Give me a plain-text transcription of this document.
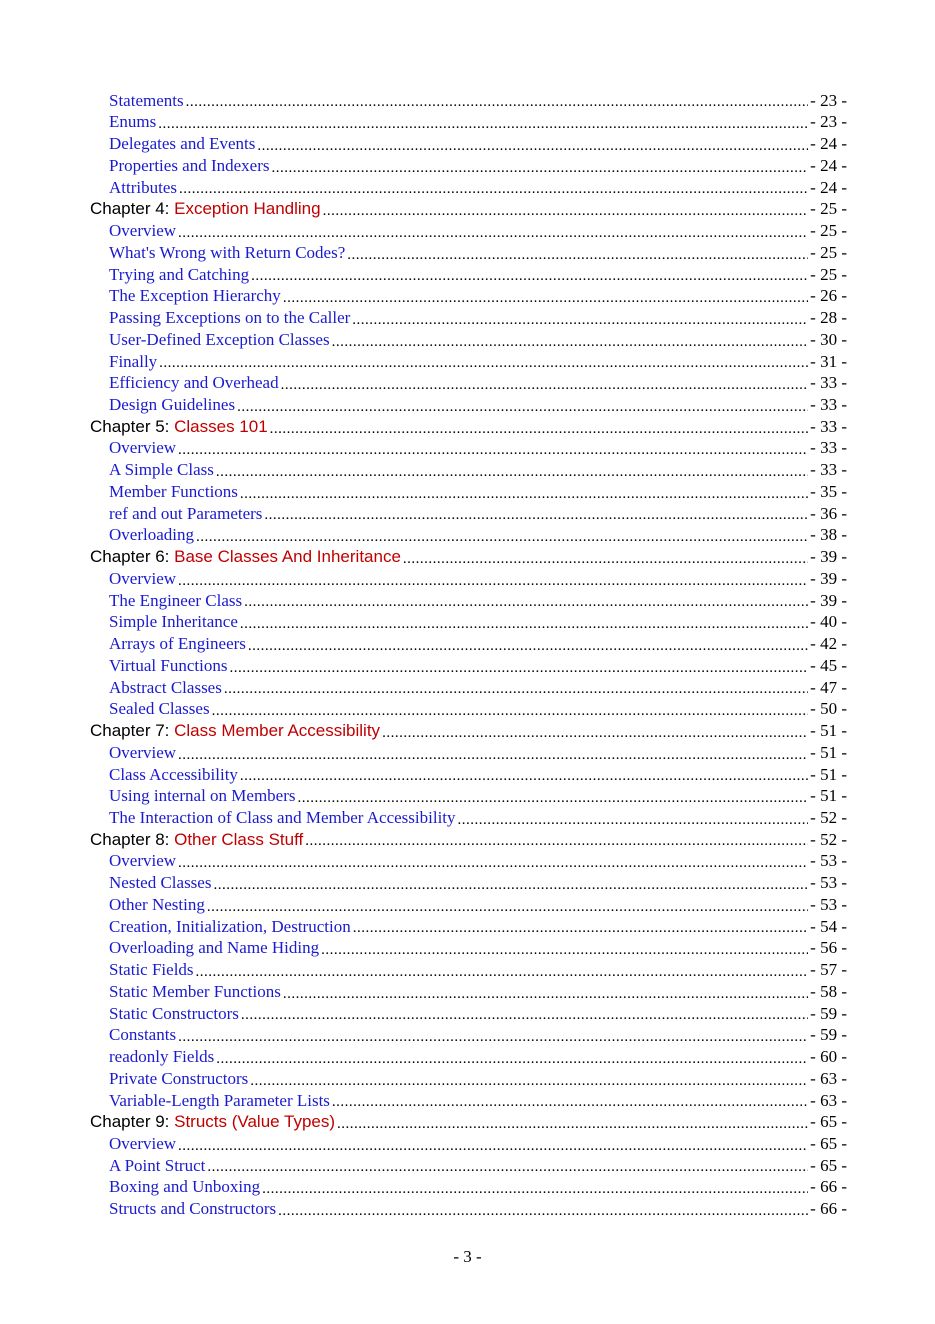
Statements .....	- 23 -
Enums .....	- 23 -
Delegates and Events .....	- 24 -
Properties and Indexers .....	- 24 -
Attributes .....	- 24 -
Chapter 4: Exception Handling .....	- 25 -
Overview .....	- 25 -
What's Wrong with Return Codes? .....	- 25 -
Trying and Catching .....	- 25 -
The Exception Hierarchy .....	- 26 -
Passing Exceptions on to the Caller .....	- 28 -
User-Defined Exception Classes .....	- 30 -
Finally .....	- 31 -
Efficiency and Overhead .....	- 33 -
Design Guidelines .....	- 33 -
Chapter 5: Classes 101 .....	- 33 -
Overview .....	- 33 -
A Simple Class .....	- 33 -
Member Functions .....	- 35 -
ref and out Parameters .....	- 36 -
Overloading .....	- 38 -
Chapter 6: Base Classes And Inheritance .....	- 39 -
Overview .....	- 39 -
The Engineer Class .....	- 39 -
Simple Inheritance .....	- 40 -
Arrays of Engineers .....	- 42 -
Virtual Functions .....	- 45 -
Abstract Classes .....	- 47 -
Sealed Classes .....	- 50 -
Chapter 7: Class Member Accessibility .....	- 51 -
Overview .....	- 51 -
Class Accessibility .....	- 51 -
Using internal on Members .....	- 51 -
The Interaction of Class and Member Accessibility .....	- 52 -
Chapter 8: Other Class Stuff .....	- 52 -
Overview .....	- 53 -
Nested Classes .....	- 53 -
Other Nesting .....	- 53 -
Creation, Initialization, Destruction .....	- 54 -
Overloading and Name Hiding .....	- 56 -
Static Fields .....	- 57 -
Static Member Functions .....	- 58 -
Static Constructors .....	- 59 -
Constants .....	- 59 -
readonly Fields .....	- 60 -
Private Constructors .....	- 63 -
Variable-Length Parameter Lists .....	- 63 -
Chapter 9: Structs (Value Types) .....	- 65 -
Overview .....	- 65 -
A Point Struct .....	- 65 -
Boxing and Unboxing .....	- 66 -
Structs and Constructors .....	- 66 -
- 3 -
